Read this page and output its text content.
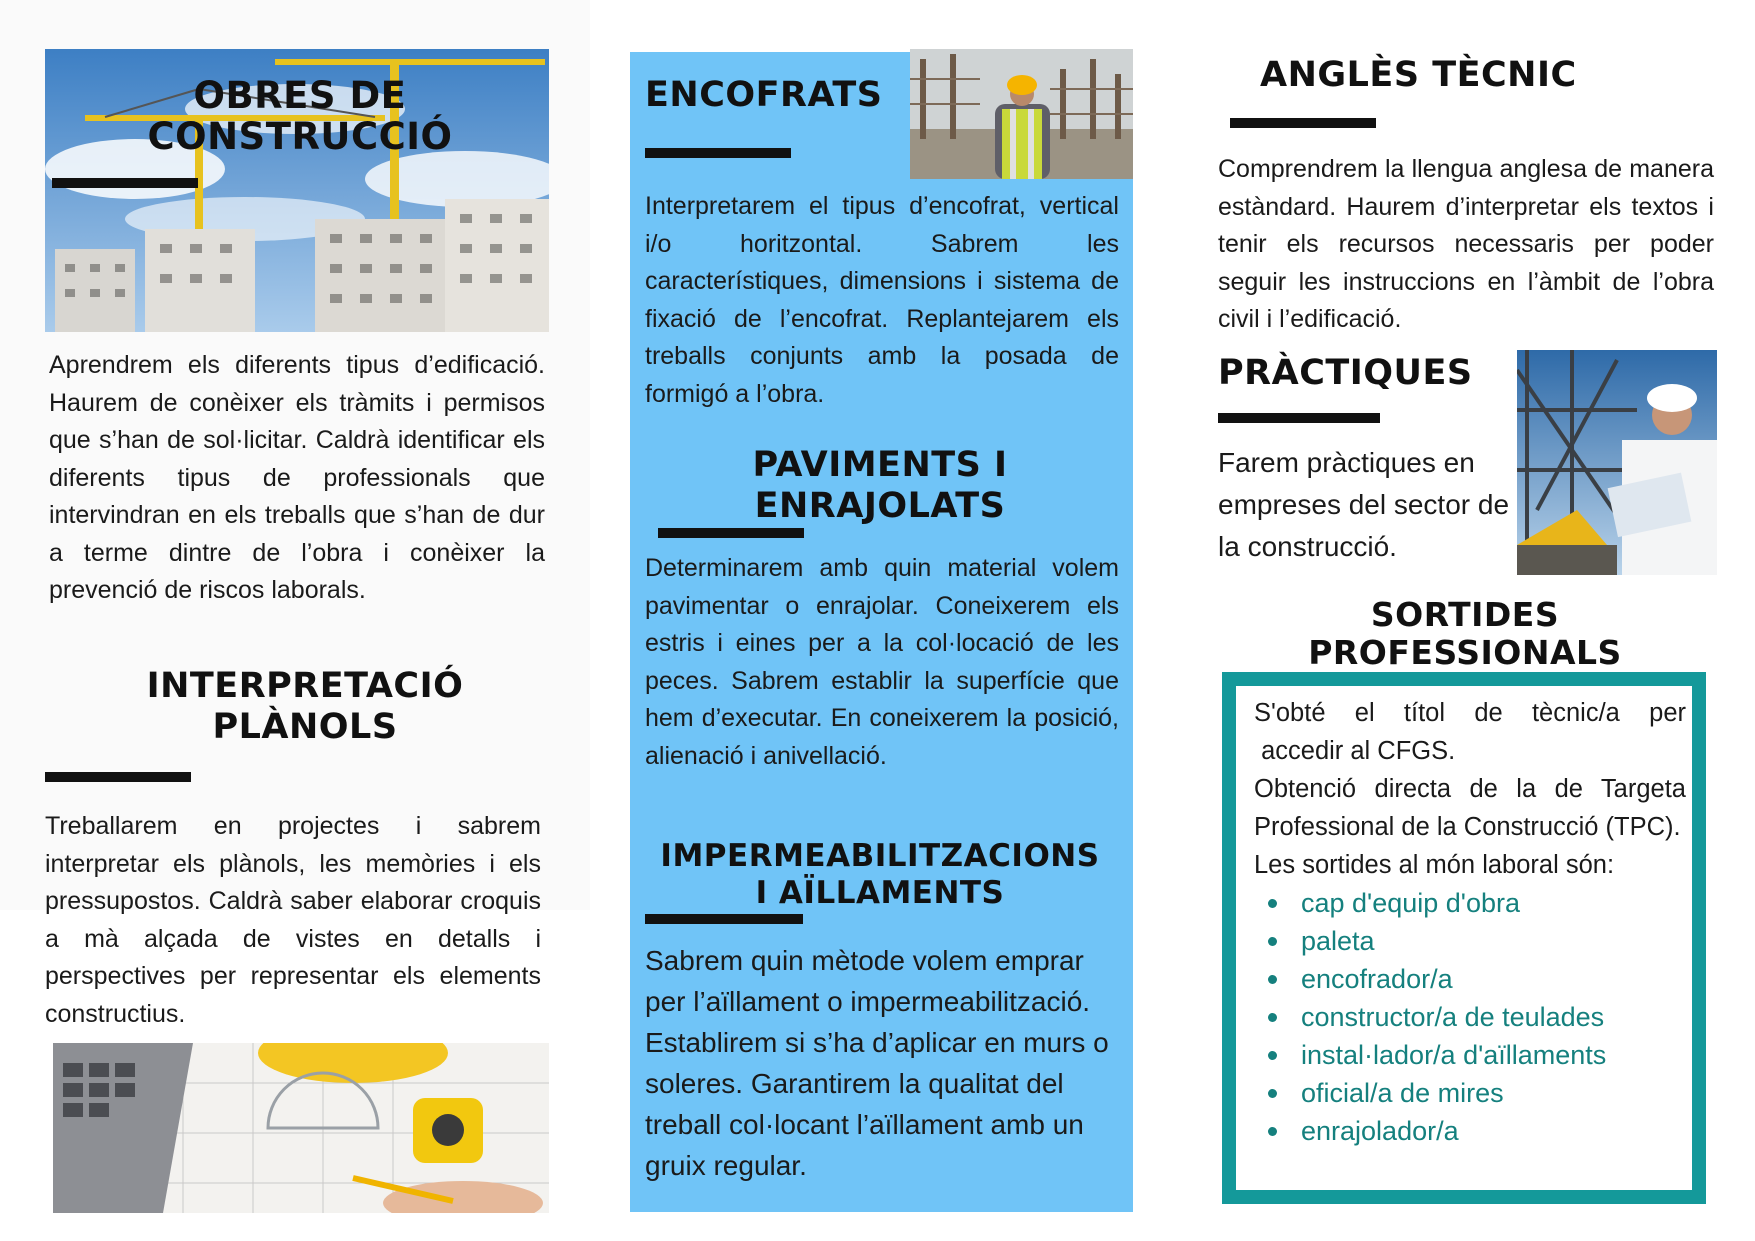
OBRES DE
CONSTRUCCIÓ
Aprendrem els diferents tipus d’edificació. Haurem de conèixer els tràmits i permisos que s’han de sol·licitar. Caldrà identificar els diferents tipus de professionals que intervindran en els treballs que s’han de dur a terme dintre de l’obra i conèixer la prevenció de riscos laborals.
INTERPRETACIÓ
PLÀNOLS
Treballarem en projectes i sabrem interpretar els plànols, les memòries i els pressupostos. Caldrà saber elaborar croquis a mà alçada de vistes en detalls i perspectives per representar els elements constructius.
ENCOFRATS
Interpretarem el tipus d’encofrat, vertical i/o horitzontal. Sabrem les característiques, dimensions i sistema de fixació de l’encofrat. Replantejarem els treballs conjunts amb la posada de formigó a l’obra.
PAVIMENTS I
ENRAJOLATS
Determinarem amb quin material volem pavimentar o enrajolar. Coneixerem els estris i eines per a la col·locació de les peces. Sabrem establir la superfície que hem d’executar. En coneixerem la posició, alienació i anivellació.
IMPERMEABILITZACIONS
I AÏLLAMENTS
Sabrem quin mètode volem emprar per l’aïllament o impermeabilització. Establirem si s’ha d’aplicar en murs o soleres. Garantirem la qualitat del treball col·locant l’aïllament amb un gruix regular.
ANGLÈS TÈCNIC
Comprendrem la llengua anglesa de manera estàndard. Haurem d’interpretar els textos i tenir els recursos necessaris per poder seguir les instruccions en l’àmbit de l’obra civil i l’edificació.
PRÀCTIQUES
Farem pràctiques en empreses del sector de la construcció.
SORTIDES
PROFESSIONALS
S'obté el títol de tècnic/a per
accedir al CFGS.
Obtenció directa de la de Targeta Professional de la Construcció (TPC).
Les sortides al món laboral són:
cap d'equip d'obra
paleta
encofrador/a
constructor/a de teulades
instal·lador/a d'aïllaments
oficial/a de mires
enrajolador/a
